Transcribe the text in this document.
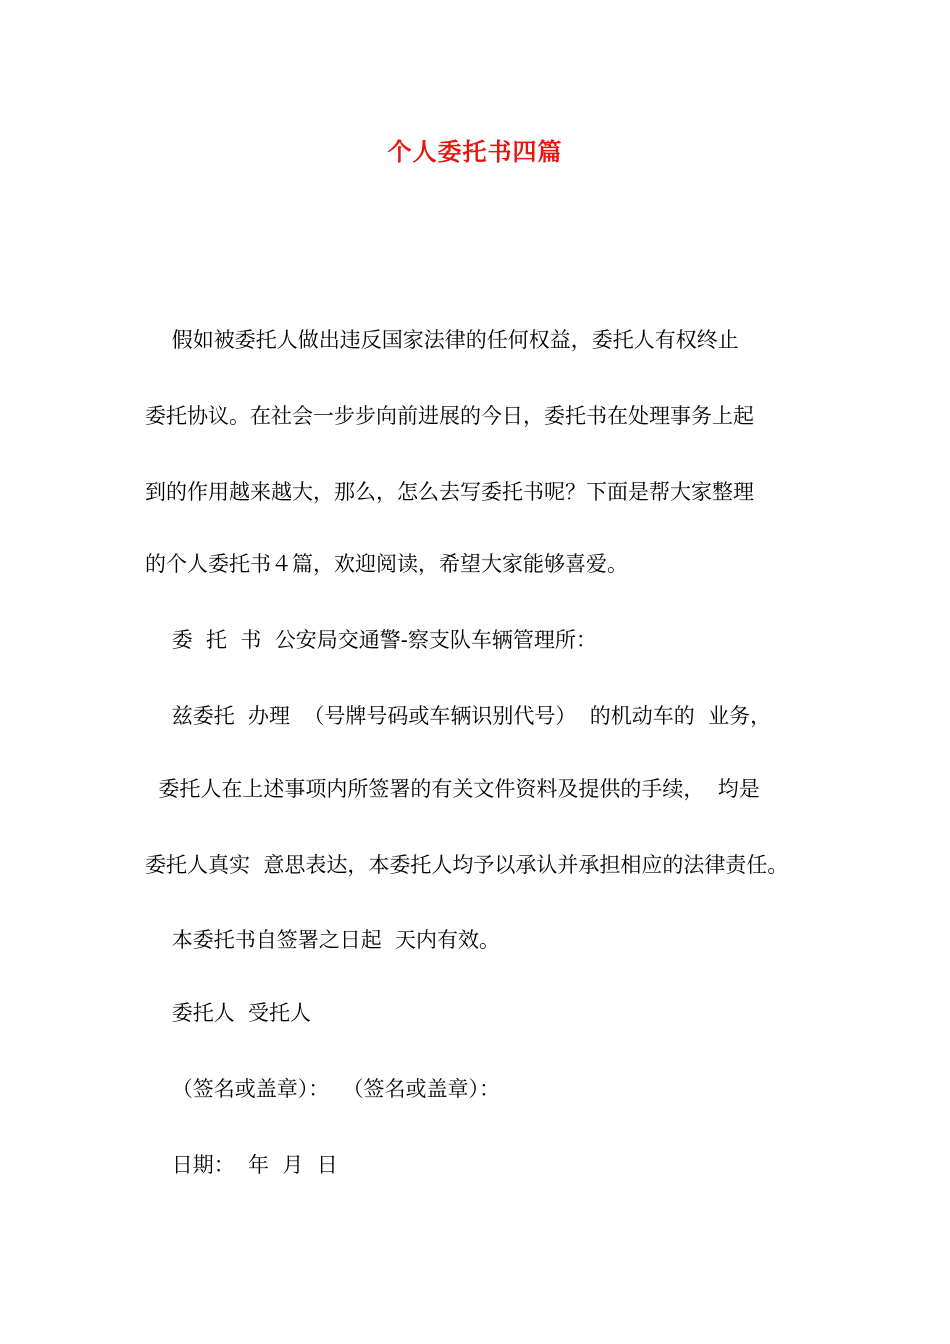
个人委托书四篇

假如被委托人做出违反国家法律的任何权益，委托人有权终止

委托协议。在社会一步步向前进展的今日，委托书在处理事务上起

到的作用越来越大，那么，怎么去写委托书呢？下面是帮大家整理

的个人委托书４篇，欢迎阅读，希望大家能够喜爱。

委  托  书  公安局交通警-察支队车辆管理所：

兹委托  办理  （号牌号码或车辆识别代号）  的机动车的  业务，

委托人在上述事项内所签署的有关文件资料及提供的手续，  均是

委托人真实  意思表达，本委托人均予以承认并承担相应的法律责任。

本委托书自签署之日起  天内有效。

委托人  受托人

（签名或盖章）：  （签名或盖章）：

日期：  年  月  日
